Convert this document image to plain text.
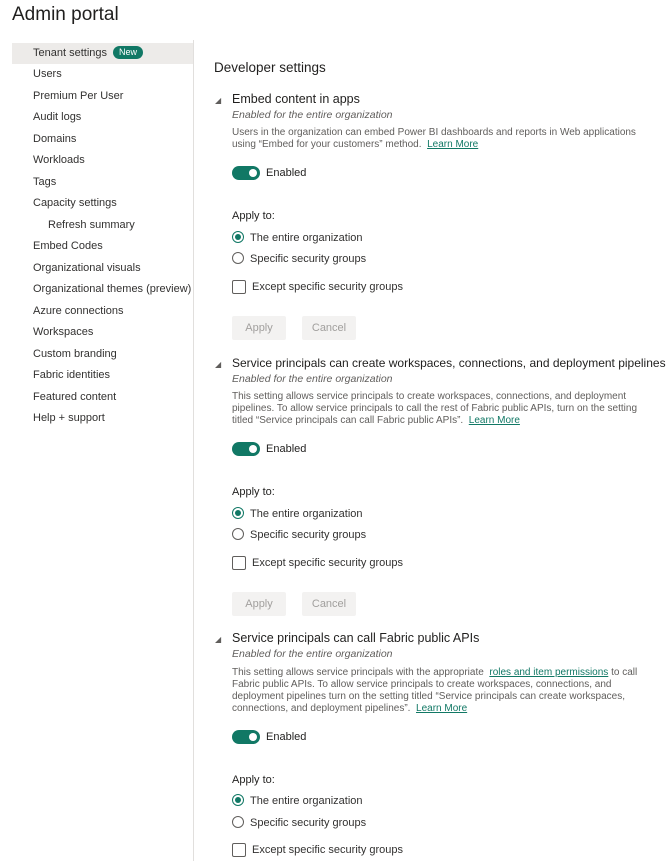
Admin portal
Tenant settings New
Users
Premium Per User
Audit logs
Domains
Workloads
Tags
Capacity settings
Refresh summary
Embed Codes
Organizational visuals
Organizational themes (preview)
Azure connections
Workspaces
Custom branding
Fabric identities
Featured content
Help + support
Developer settings
◢ Embed content in apps
Enabled for the entire organization
Users in the organization can embed Power BI dashboards and reports in Web applications using “Embed for your customers” method. Learn More
Enabled
Apply to:
The entire organization
Specific security groups
Except specific security groups
Apply	Cancel
◢ Service principals can create workspaces, connections, and deployment pipelines
Enabled for the entire organization
This setting allows service principals to create workspaces, connections, and deployment pipelines. To allow service principals to call the rest of Fabric public APIs, turn on the setting titled “Service principals can call Fabric public APIs”. Learn More
Enabled
Apply to:
The entire organization
Specific security groups
Except specific security groups
Apply	Cancel
◢ Service principals can call Fabric public APIs
Enabled for the entire organization
This setting allows service principals with the appropriate roles and item permissions to call Fabric public APIs. To allow service principals to create workspaces, connections, and deployment pipelines turn on the setting titled “Service principals can create workspaces, connections, and deployment pipelines”. Learn More
Enabled
Apply to:
The entire organization
Specific security groups
Except specific security groups
